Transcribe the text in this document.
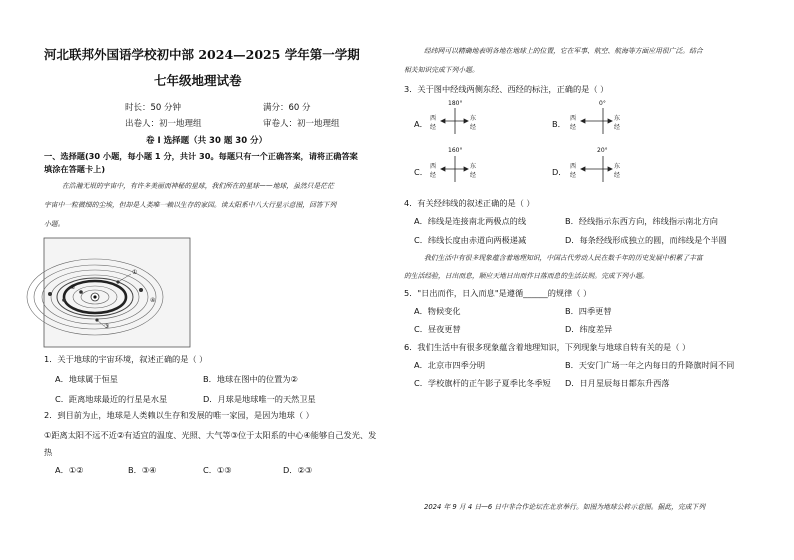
河北联邦外国语学校初中部 2024—2025 学年第一学期
七年级地理试卷
时长：50 分钟	满分：60 分
出卷人：初一地理组	审卷人：初一地理组
卷 I 选择题（共 30 题 30 分）
一、选择题(30 小题，每小题 1 分，共计 30。每题只有一个正确答案，请将正确答案
填涂在答题卡上)
在浩瀚无垠的宇宙中，有许多美丽而神秘的星球，我们所在的星球——地球，虽然只是茫茫
宇宙中一粒微细的尘埃，但却是人类唯一赖以生存的家园。读太阳系中八大行星示意图，回答下列
小题。
①
②
③
④
1．关于地球的宇宙环境，叙述正确的是（ ）
A．地球属于恒星	B．地球在图中的位置为②
C．距离地球最近的行星是水星	D．月球是地球唯一的天然卫星
2．到目前为止，地球是人类赖以生存和发展的唯一家园，是因为地球（ ）
①距离太阳不远不近②有适宜的温度、光照、大气等③位于太阳系的中心④能够自己发光、发
热
A．①②	B．③④	C．①③	D．②③
经纬网可以精确地表明各地在地球上的位置，它在军事、航空、航海等方面应用很广泛。结合
相关知识完成下列小题。
3．关于图中经线两侧东经、西经的标注，正确的是（ ）
A．
180°
西
经
东
经	B．
0°
西
经
东
经
C．
160°
西
经
东
经	D．
20°
西
经
东
经
4．有关经纬线的叙述正确的是（ ）
A．纬线是连接南北两极点的线	B．经线指示东西方向，纬线指示南北方向
C．纬线长度由赤道向两极递减	D．每条经线形成独立的圆，而纬线是个半圆
我们生活中有很多现象蕴含着地理知识，中国古代劳动人民在数千年的历史发展中积累了丰富
的生活经验，日出而息，顺应天地日出而作日落而息的生活法则。完成下列小题。
5．"日出而作，日入而息"是遵循______的规律（ ）
A．物候变化	B．四季更替
C．昼夜更替	D．纬度差异
6．我们生活中有很多现象蕴含着地理知识，下列现象与地球自转有关的是（ ）
A．北京市四季分明	B．天安门广场一年之内每日的升降旗时间不同
C．学校旗杆的正午影子夏季比冬季短 D．日月星辰每日都东升西落
2024 年 9 月 4 日—6 日中非合作论坛在北京举行。如图为地球公转示意图。据此，完成下列
